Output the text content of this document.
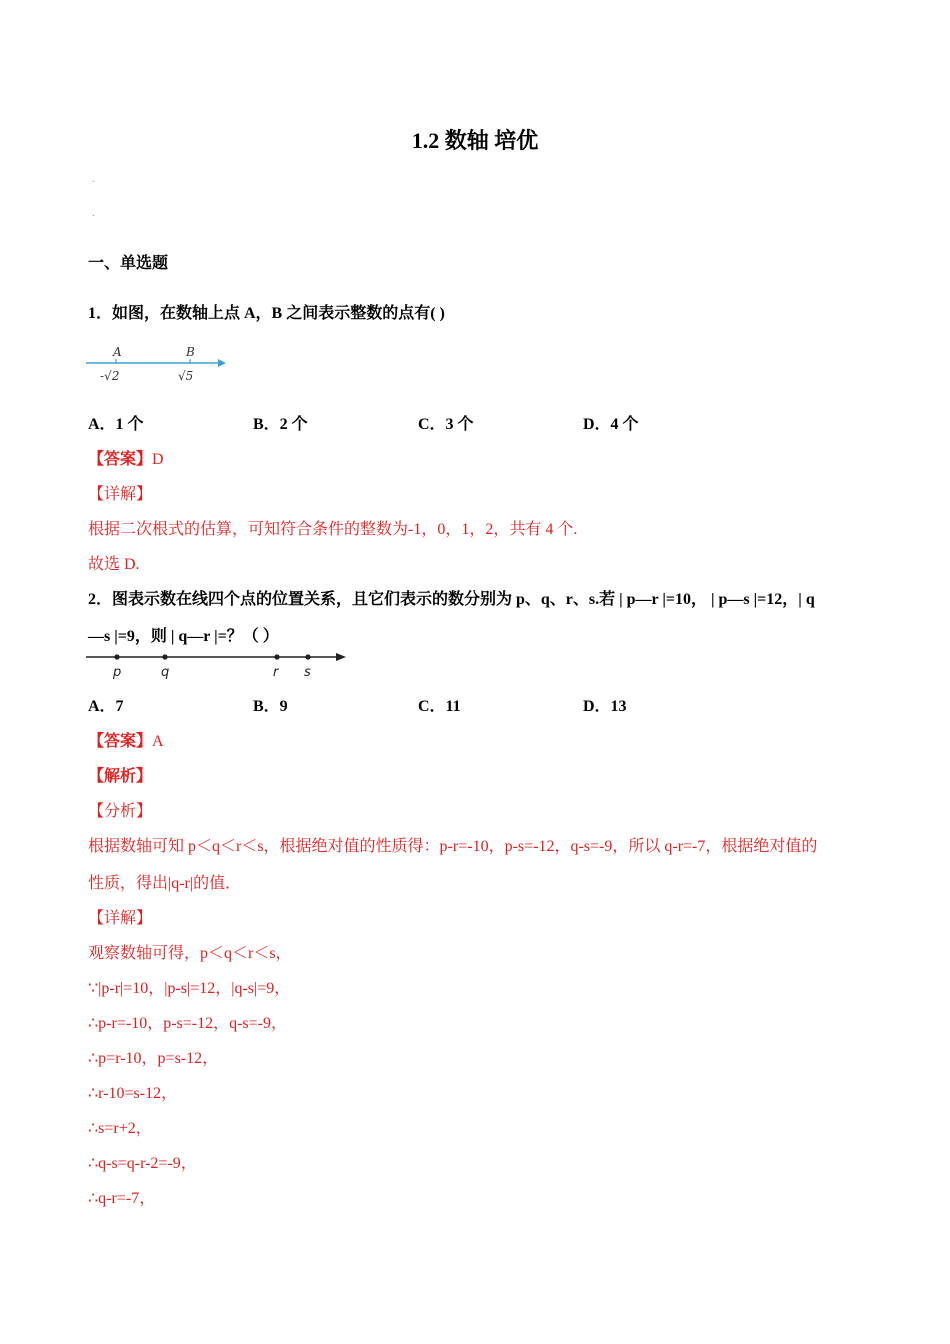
1.2 数轴 培优
.
.
一、单选题
1．如图，在数轴上点 A，B 之间表示整数的点有( )
A	B
-√2	√5
A．1 个	B．2 个	C．3 个	D．4 个
【答案】D
【详解】
根据二次根式的估算，可知符合条件的整数为-1，0，1，2，共有 4 个.
故选 D.
2．图表示数在线四个点的位置关系，且它们表示的数分别为 p、q、r、s.若 | p—r |=10， | p—s |=12，| q
—s |=9，则 | q—r |=？（ ）
p	q	r s
A．7	B．9	C．11	D．13
【答案】A
【解析】
【分析】
根据数轴可知 p＜q＜r＜s，根据绝对值的性质得：p-r=-10，p-s=-12，q-s=-9，所以 q-r=-7，根据绝对值的
性质，得出|q-r|的值．
【详解】
观察数轴可得，p＜q＜r＜s，
∵|p-r|=10，|p-s|=12，|q-s|=9，
∴p-r=-10，p-s=-12，q-s=-9，
∴p=r-10，p=s-12，
∴r-10=s-12，
∴s=r+2，
∴q-s=q-r-2=-9，
∴q-r=-7，
